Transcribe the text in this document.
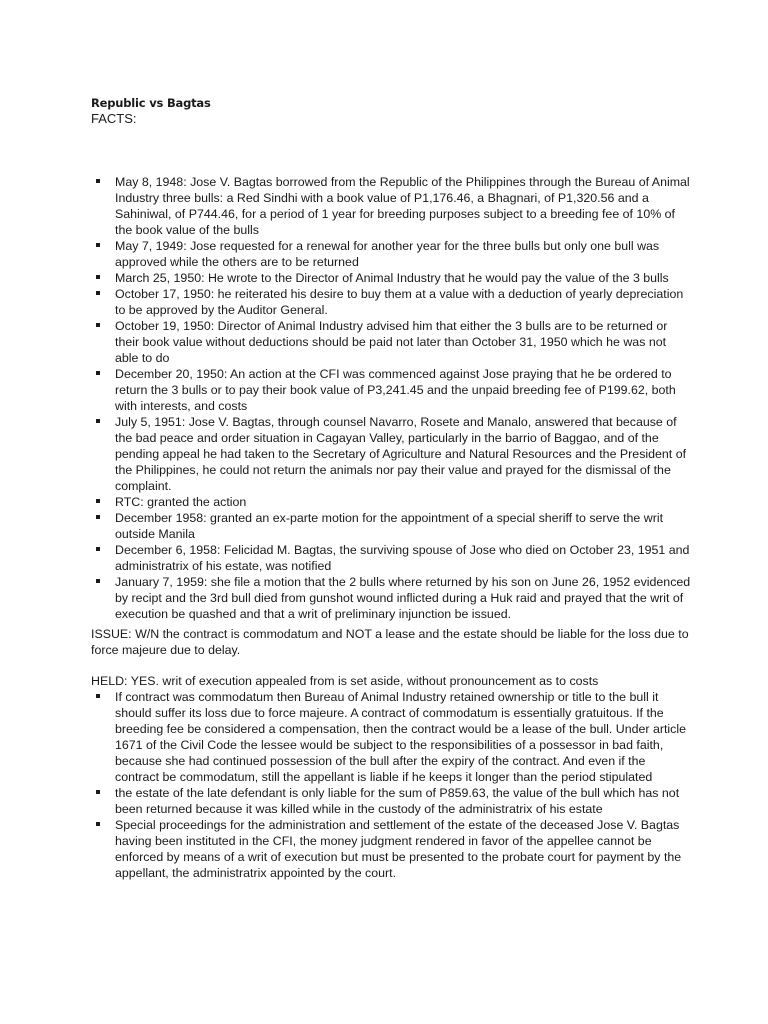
Republic vs Bagtas
FACTS:
May 8, 1948: Jose V. Bagtas borrowed from the Republic of the Philippines through the Bureau of Animal Industry three bulls: a Red Sindhi with a book value of P1,176.46, a Bhagnari, of P1,320.56 and a Sahiniwal, of P744.46, for a period of 1 year for breeding purposes subject to a breeding fee of 10% of the book value of the bulls
May 7, 1949: Jose requested for a renewal for another year for the three bulls but only one bull was approved while the others are to be returned
March 25, 1950: He wrote to the Director of Animal Industry that he would pay the value of the 3 bulls
October 17, 1950: he reiterated his desire to buy them at a value with a deduction of yearly depreciation to be approved by the Auditor General.
October 19, 1950: Director of Animal Industry advised him that either the 3 bulls are to be returned or their book value without deductions should be paid not later than October 31, 1950 which he was not able to do
December 20, 1950: An action at the CFI was commenced against Jose praying that he be ordered to return the 3 bulls or to pay their book value of P3,241.45 and the unpaid breeding fee of P199.62, both with interests, and costs
July 5, 1951: Jose V. Bagtas, through counsel Navarro, Rosete and Manalo, answered that because of the bad peace and order situation in Cagayan Valley, particularly in the barrio of Baggao, and of the pending appeal he had taken to the Secretary of Agriculture and Natural Resources and the President of the Philippines, he could not return the animals nor pay their value and prayed for the dismissal of the complaint.
RTC: granted the action
December 1958: granted an ex-parte motion for the appointment of a special sheriff to serve the writ outside Manila
December 6, 1958: Felicidad M. Bagtas, the surviving spouse of Jose who died on October 23, 1951 and administratrix of his estate, was notified
January 7, 1959: she file a motion that the 2 bulls where returned by his son on June 26, 1952 evidenced by recipt and the 3rd bull died from gunshot wound inflicted during a Huk raid and prayed that the writ of execution be quashed and that a writ of preliminary injunction be issued.
ISSUE: W/N the contract is commodatum and NOT a lease and the estate should be liable for the loss due to force majeure due to delay.
HELD: YES. writ of execution appealed from is set aside, without pronouncement as to costs
If contract was commodatum then Bureau of Animal Industry retained ownership or title to the bull it should suffer its loss due to force majeure. A contract of commodatum is essentially gratuitous. If the breeding fee be considered a compensation, then the contract would be a lease of the bull. Under article 1671 of the Civil Code the lessee would be subject to the responsibilities of a possessor in bad faith, because she had continued possession of the bull after the expiry of the contract. And even if the contract be commodatum, still the appellant is liable if he keeps it longer than the period stipulated
the estate of the late defendant is only liable for the sum of P859.63, the value of the bull which has not been returned because it was killed while in the custody of the administratrix of his estate
Special proceedings for the administration and settlement of the estate of the deceased Jose V. Bagtas having been instituted in the CFI, the money judgment rendered in favor of the appellee cannot be enforced by means of a writ of execution but must be presented to the probate court for payment by the appellant, the administratrix appointed by the court.
